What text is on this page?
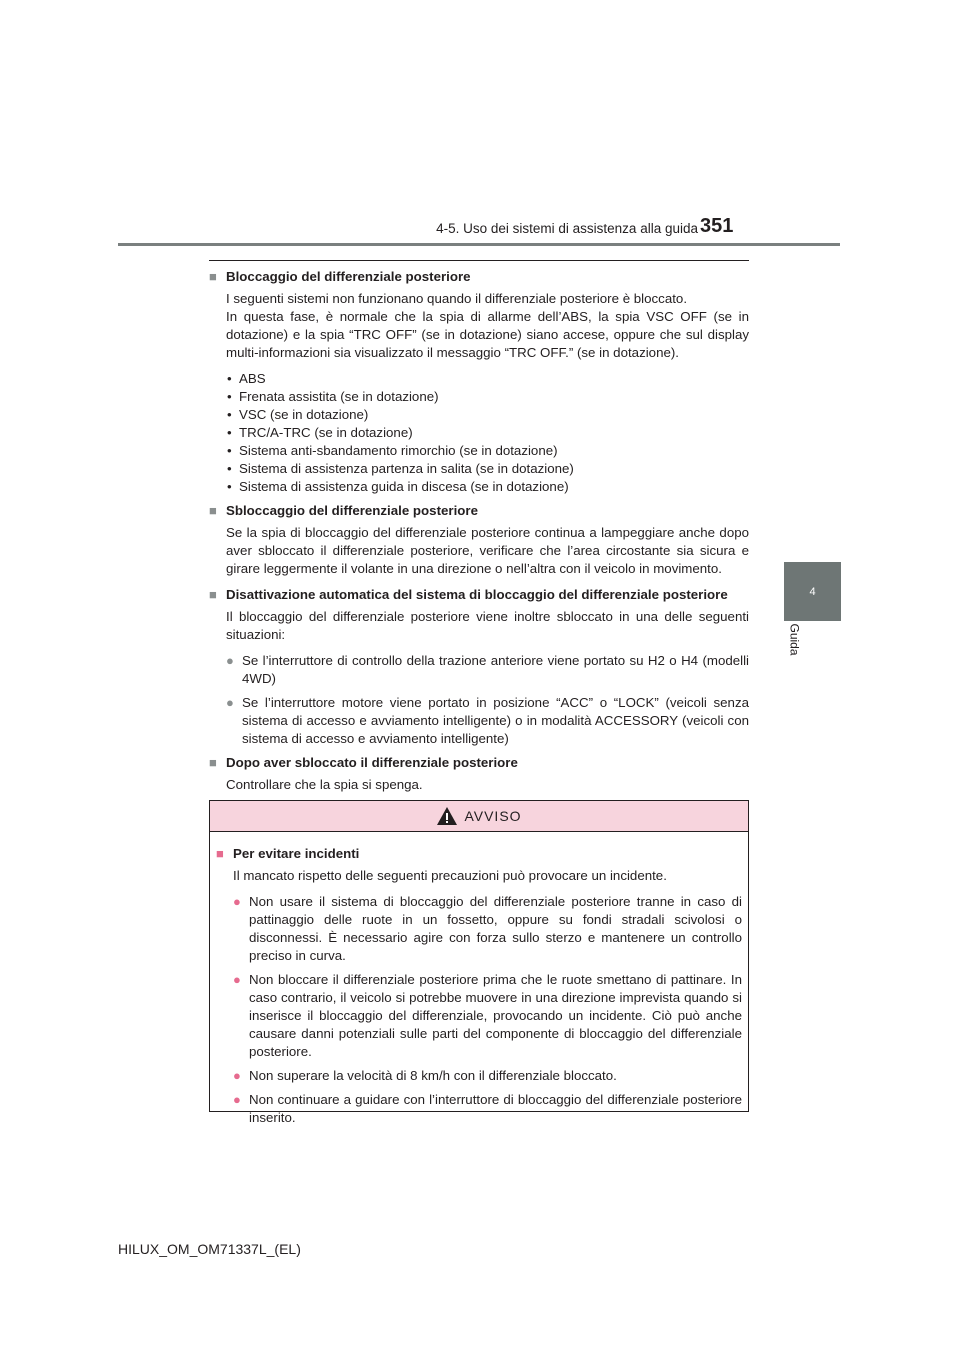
4-5. Uso dei sistemi di assistenza alla guida 351
4
Guida
■ Bloccaggio del differenziale posteriore
I seguenti sistemi non funzionano quando il differenziale posteriore è bloccato.
In questa fase, è normale che la spia di allarme dell’ABS, la spia VSC OFF (se in dotazione) e la spia “TRC OFF” (se in dotazione) siano accese, oppure che sul display multi-informazioni sia visualizzato il messaggio “TRC OFF.” (se in dotazione).
• ABS
• Frenata assistita (se in dotazione)
• VSC (se in dotazione)
• TRC/A-TRC (se in dotazione)
• Sistema anti-sbandamento rimorchio (se in dotazione)
• Sistema di assistenza partenza in salita (se in dotazione)
• Sistema di assistenza guida in discesa (se in dotazione)
■ Sbloccaggio del differenziale posteriore
Se la spia di bloccaggio del differenziale posteriore continua a lampeggiare anche dopo aver sbloccato il differenziale posteriore, verificare che l’area circostante sia sicura e girare leggermente il volante in una direzione o nell’altra con il veicolo in movimento.
■ Disattivazione automatica del sistema di bloccaggio del differenziale posteriore
Il bloccaggio del differenziale posteriore viene inoltre sbloccato in una delle seguenti situazioni:
● Se l’interruttore di controllo della trazione anteriore viene portato su H2 o H4 (modelli 4WD)
● Se l’interruttore motore viene portato in posizione “ACC” o “LOCK” (veicoli senza sistema di accesso e avviamento intelligente) o in modalità ACCESSORY (veicoli con sistema di accesso e avviamento intelligente)
■ Dopo aver sbloccato il differenziale posteriore
Controllare che la spia si spenga.
AVVISO
■ Per evitare incidenti
Il mancato rispetto delle seguenti precauzioni può provocare un incidente.
● Non usare il sistema di bloccaggio del differenziale posteriore tranne in caso di pattinaggio delle ruote in un fossetto, oppure su fondi stradali scivolosi o disconnessi. È necessario agire con forza sullo sterzo e mantenere un controllo preciso in curva.
● Non bloccare il differenziale posteriore prima che le ruote smettano di pattinare. In caso contrario, il veicolo si potrebbe muovere in una direzione imprevista quando si inserisce il bloccaggio del differenziale, provocando un incidente. Ciò può anche causare danni potenziali sulle parti del componente di bloccaggio del differenziale posteriore.
● Non superare la velocità di 8 km/h con il differenziale bloccato.
● Non continuare a guidare con l’interruttore di bloccaggio del differenziale posteriore inserito.
HILUX_OM_OM71337L_(EL)
